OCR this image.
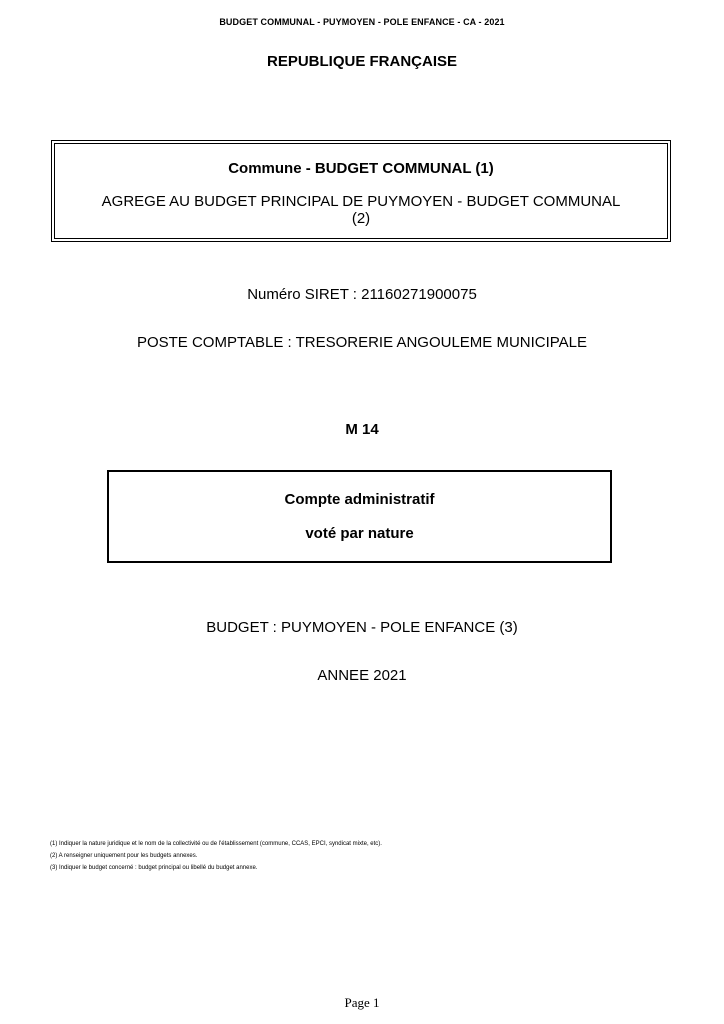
BUDGET COMMUNAL - PUYMOYEN - POLE ENFANCE - CA - 2021
REPUBLIQUE FRANÇAISE
Commune - BUDGET COMMUNAL (1)
AGREGE AU BUDGET PRINCIPAL DE PUYMOYEN - BUDGET COMMUNAL (2)
Numéro SIRET : 21160271900075
POSTE COMPTABLE : TRESORERIE ANGOULEME MUNICIPALE
M 14
Compte administratif
voté par nature
BUDGET : PUYMOYEN - POLE ENFANCE (3)
ANNEE 2021
(1) Indiquer la nature juridique et le nom de la collectivité ou de l'établissement (commune, CCAS, EPCI, syndicat mixte, etc).
(2) A renseigner uniquement pour les budgets annexes.
(3) Indiquer le budget concerné : budget principal ou libellé du budget annexe.
Page 1
